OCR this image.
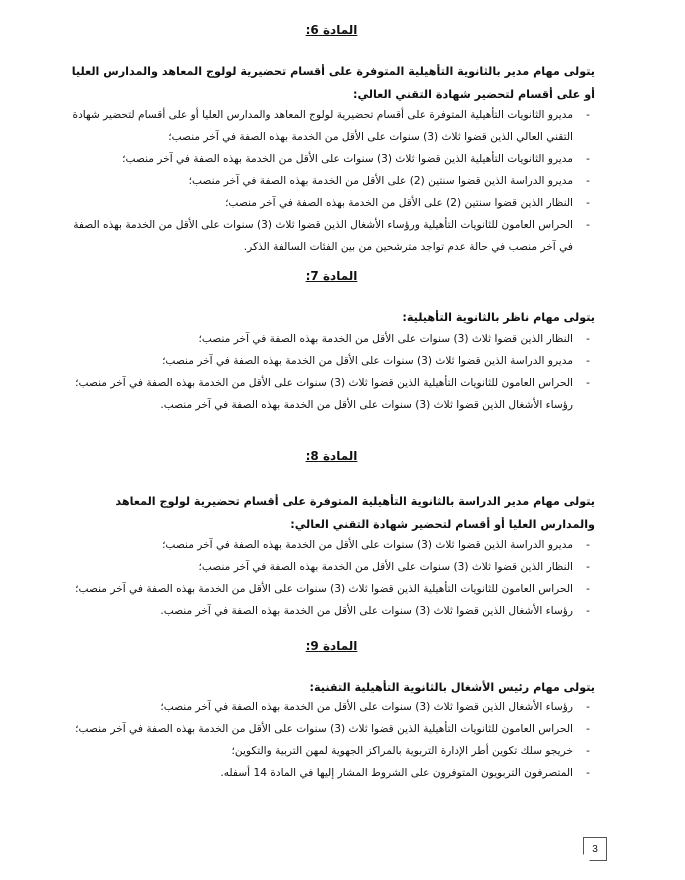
المادة 6:
يتولى مهام مدير بالثانوية التأهيلية المتوفرة على أقسام تحضيرية لولوج المعاهد والمدارس العليا أو على أقسام لتحضير شهادة التقني العالي:
-
مديرو الثانويات التأهيلية المتوفرة على أقسام تحضيرية لولوج المعاهد والمدارس العليا أو على أقسام لتحضير شهادة التقني العالي الذين قضوا ثلاث (3) سنوات على الأقل من الخدمة بهذه الصفة في آخر منصب؛
-
مديرو الثانويات التأهيلية الذين قضوا ثلاث (3) سنوات على الأقل من الخدمة بهذه الصفة في آخر منصب؛
-
مديرو الدراسة الذين قضوا سنتين (2) على الأقل من الخدمة بهذه الصفة في آخر منصب؛
-
النظار الذين قضوا سنتين (2) على الأقل من الخدمة بهذه الصفة في آخر منصب؛
-
الحراس العامون للثانويات التأهيلية ورؤساء الأشغال الذين قضوا ثلاث (3) سنوات على الأقل من الخدمة بهذه الصفة في آخر منصب في حالة عدم تواجد مترشحين من بين الفئات السالفة الذكر.
المادة 7:
يتولى مهام ناظر بالثانوية التأهيلية:
-
النظار الذين قضوا ثلاث (3) سنوات على الأقل من الخدمة بهذه الصفة في آخر منصب؛
-
مديرو الدراسة الذين قضوا ثلاث (3) سنوات على الأقل من الخدمة بهذه الصفة في آخر منصب؛
-
الحراس العامون للثانويات التأهيلية الذين قضوا ثلاث (3) سنوات على الأقل من الخدمة بهذه الصفة في آخر منصب؛
رؤساء الأشغال الذين قضوا ثلاث (3) سنوات على الأقل من الخدمة بهذه الصفة في آخر منصب.
المادة 8:
يتولى مهام مدير الدراسة بالثانوية التأهيلية المتوفرة على أقسام تحضيرية لولوج المعاهد والمدارس العليا أو أقسام لتحضير شهادة التقني العالي:
-
مديرو الدراسة الذين قضوا ثلاث (3) سنوات على الأقل من الخدمة بهذه الصفة في آخر منصب؛
-
النظار الذين قضوا ثلاث (3) سنوات على الأقل من الخدمة بهذه الصفة في آخر منصب؛
-
الحراس العامون للثانويات التأهيلية الذين قضوا ثلاث (3) سنوات على الأقل من الخدمة بهذه الصفة في آخر منصب؛
-
رؤساء الأشغال الذين قضوا ثلاث (3) سنوات على الأقل من الخدمة بهذه الصفة في آخر منصب.
المادة 9:
يتولى مهام رئيس الأشغال بالثانوية التأهيلية التقنية:
-
رؤساء الأشغال الذين قضوا ثلاث (3) سنوات على الأقل من الخدمة بهذه الصفة في آخر منصب؛
-
الحراس العامون للثانويات التأهيلية الذين قضوا ثلاث (3) سنوات على الأقل من الخدمة بهذه الصفة في آخر منصب؛
-
خريجو سلك تكوين أطر الإدارة التربوية بالمراكز الجهوية لمهن التربية والتكوين؛
-
المتصرفون التربويون المتوفرون على الشروط المشار إليها في المادة 14 أسفله.
3
